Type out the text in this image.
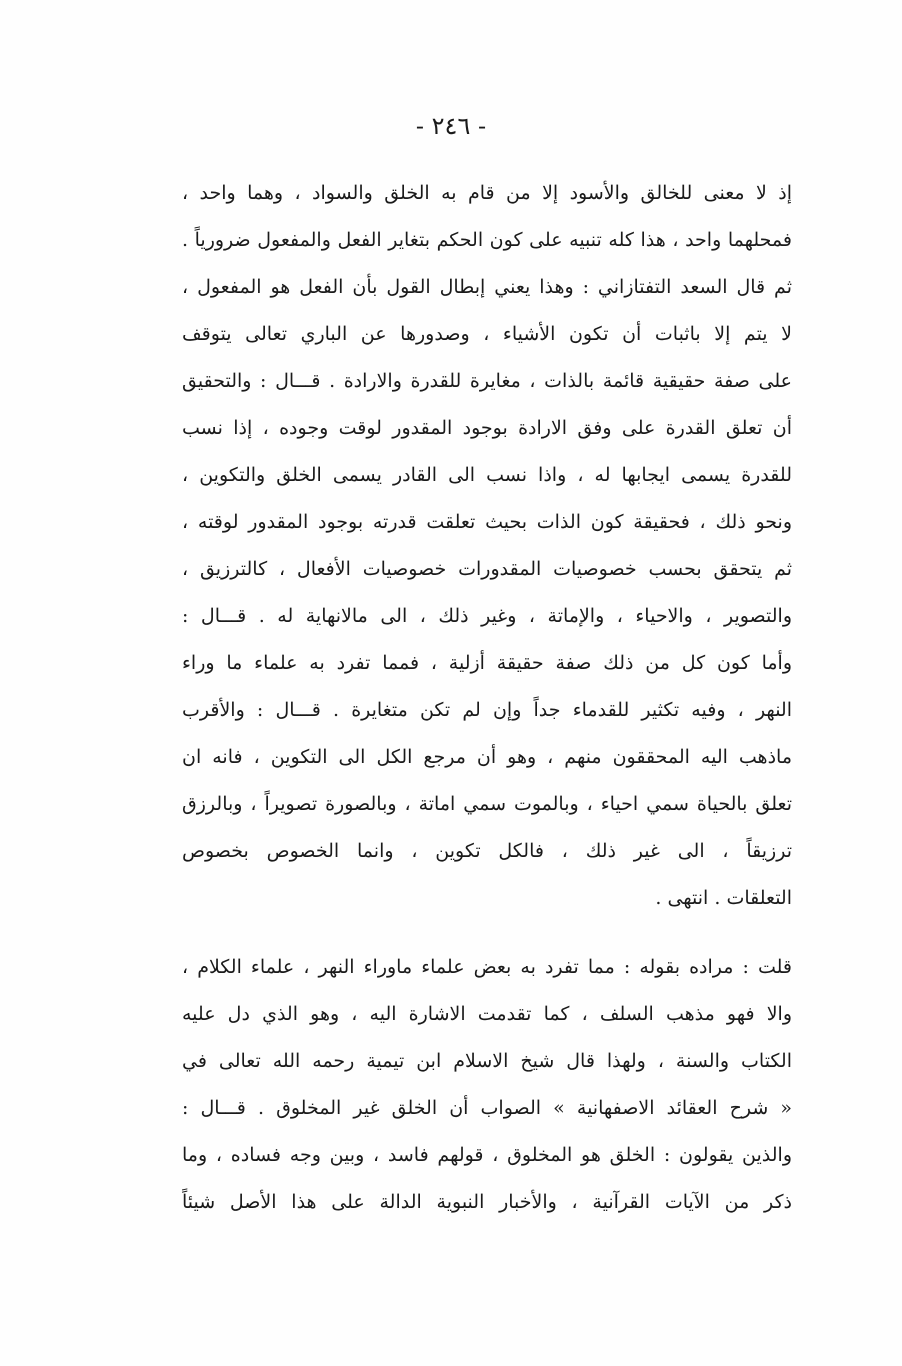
- ٢٤٦ -
إذ لا معنى للخالق والأسود إلا من قام به الخلق والسواد ، وهما واحد ،
فمحلهما واحد ، هذا كله تنبيه على كون الحكم بتغاير الفعل والمفعول ضرورياً .
ثم قال السعد التفتازاني : وهذا يعني إبطال القول بأن الفعل هو المفعول ،
لا يتم إلا باثبات أن تكون الأشياء ، وصدورها عن الباري تعالى يتوقف
على صفة حقيقية قائمة بالذات ، مغايرة للقدرة والارادة . قـــال : والتحقيق
أن تعلق القدرة على وفق الارادة بوجود المقدور لوقت وجوده ، إذا نسب
للقدرة يسمى ايجابها له ، واذا نسب الى القادر يسمى الخلق والتكوين ،
ونحو ذلك ، فحقيقة كون الذات بحيث تعلقت قدرته بوجود المقدور لوقته ،
ثم يتحقق بحسب خصوصيات المقدورات خصوصيات الأفعال ، كالترزيق ،
والتصوير ، والاحياء ، والإماتة ، وغير ذلك ، الى مالانهاية له . قـــال :
وأما كون كل من ذلك صفة حقيقة أزلية ، فمما تفرد به علماء ما وراء
النهر ، وفيه تكثير للقدماء جداً وإن لم تكن متغايرة . قـــال : والأقرب
ماذهب اليه المحققون منهم ، وهو أن مرجع الكل الى التكوين ، فانه ان
تعلق بالحياة سمي احياء ، وبالموت سمي اماتة ، وبالصورة تصويراً ، وبالرزق
ترزيقاً ، الى غير ذلك ، فالكل تكوين ، وانما الخصوص بخصوص
التعلقات . انتهى .
قلت : مراده بقوله : مما تفرد به بعض علماء ماوراء النهر ، علماء الكلام ،
والا فهو مذهب السلف ، كما تقدمت الاشارة اليه ، وهو الذي دل عليه
الكتاب والسنة ، ولهذا قال شيخ الاسلام ابن تيمية رحمه الله تعالى في
« شرح العقائد الاصفهانية » الصواب أن الخلق غير المخلوق . قـــال :
والذين يقولون : الخلق هو المخلوق ، قولهم فاسد ، وبين وجه فساده ، وما
ذكر من الآيات القرآنية ، والأخبار النبوية الدالة على هذا الأصل شيئاً
